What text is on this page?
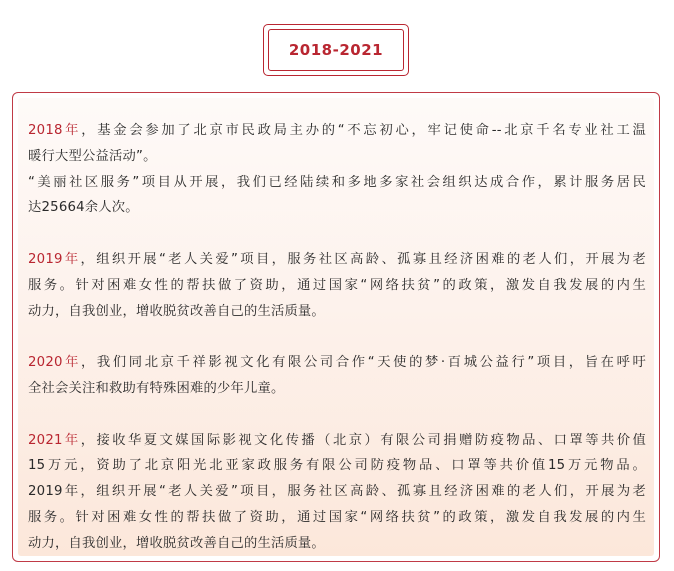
2018-2021
2018年，基金会参加了北京市民政局主办的“不忘初心，牢记使命--北京千名专业社工温
暖行大型公益活动”。
“美丽社区服务”项目从开展，我们已经陆续和多地多家社会组织达成合作，累计服务居民
达25664余人次。
2019年，组织开展“老人关爱”项目，服务社区高龄、孤寡且经济困难的老人们，开展为老
服务。针对困难女性的帮扶做了资助，通过国家“网络扶贫”的政策，激发自我发展的内生
动力，自我创业，增收脱贫改善自己的生活质量。
2020年，我们同北京千祥影视文化有限公司合作“天使的梦·百城公益行”项目，旨在呼吁
全社会关注和救助有特殊困难的少年儿童。
2021年，接收华夏文媒国际影视文化传播（北京）有限公司捐赠防疫物品、口罩等共价值
15万元，资助了北京阳光北亚家政服务有限公司防疫物品、口罩等共价值15万元物品。
2019年，组织开展“老人关爱”项目，服务社区高龄、孤寡且经济困难的老人们，开展为老
服务。针对困难女性的帮扶做了资助，通过国家“网络扶贫”的政策，激发自我发展的内生
动力，自我创业，增收脱贫改善自己的生活质量。
